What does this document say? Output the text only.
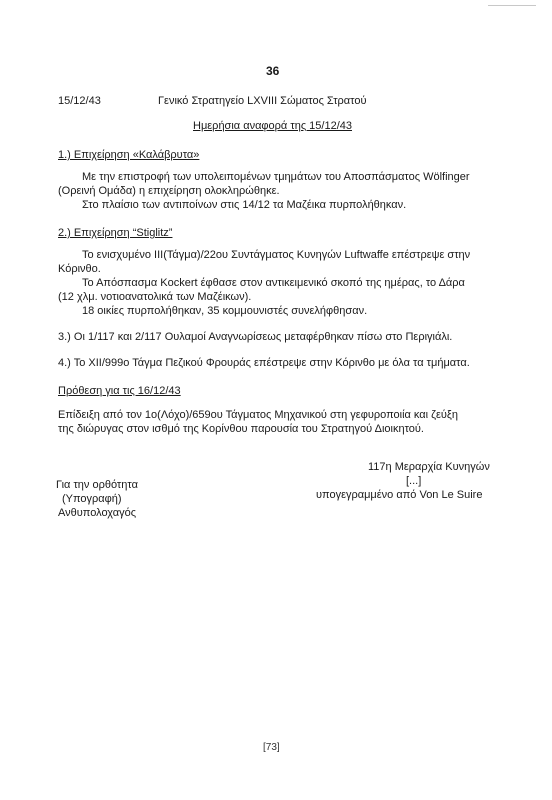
36
15/12/43	Γενικό Στρατηγείο LXVIII Σώματος Στρατού
Ημερήσια αναφορά της 15/12/43
1.) Επιχείρηση «Καλάβρυτα»
Με την επιστροφή των υπολειπομένων τμημάτων του Αποσπάσματος Wölfinger
(Ορεινή Ομάδα) η επιχείρηση ολοκληρώθηκε.
Στο πλαίσιο των αντιποίνων στις 14/12 τα Μαζέικα πυρπολήθηκαν.
2.) Επιχείρηση “Stiglitz”
Το ενισχυμένο ΙΙΙ(Τάγμα)/22ου Συντάγματος Κυνηγών Luftwaffe επέστρεψε στην
Κόρινθο.
Το Απόσπασμα Kockert έφθασε στον αντικειμενικό σκοπό της ημέρας, το Δάρα
(12 χλμ. νοτιοανατολικά των Μαζέικων).
18 οικίες πυρπολήθηκαν, 35 κομμουνιστές συνελήφθησαν.
3.) Οι 1/117 και 2/117 Ουλαμοί Αναγνωρίσεως μεταφέρθηκαν πίσω στο Περιγιάλι.
4.) Το ΧΙΙ/999ο Τάγμα Πεζικού Φρουράς επέστρεψε στην Κόρινθο με όλα τα τμήματα.
Πρόθεση για τις 16/12/43
Επίδειξη από τον 1ο(Λόχο)/659ου Τάγματος Μηχανικού στη γεφυροποιία και ζεύξη
της διώρυγας στον ισθμό της Κορίνθου παρουσία του Στρατηγού Διοικητού.
117η Μεραρχία Κυνηγών
[...]
υπογεγραμμένο από Von Le Suire
Για την ορθότητα
(Υπογραφή)
Ανθυπολοχαγός
[73]
